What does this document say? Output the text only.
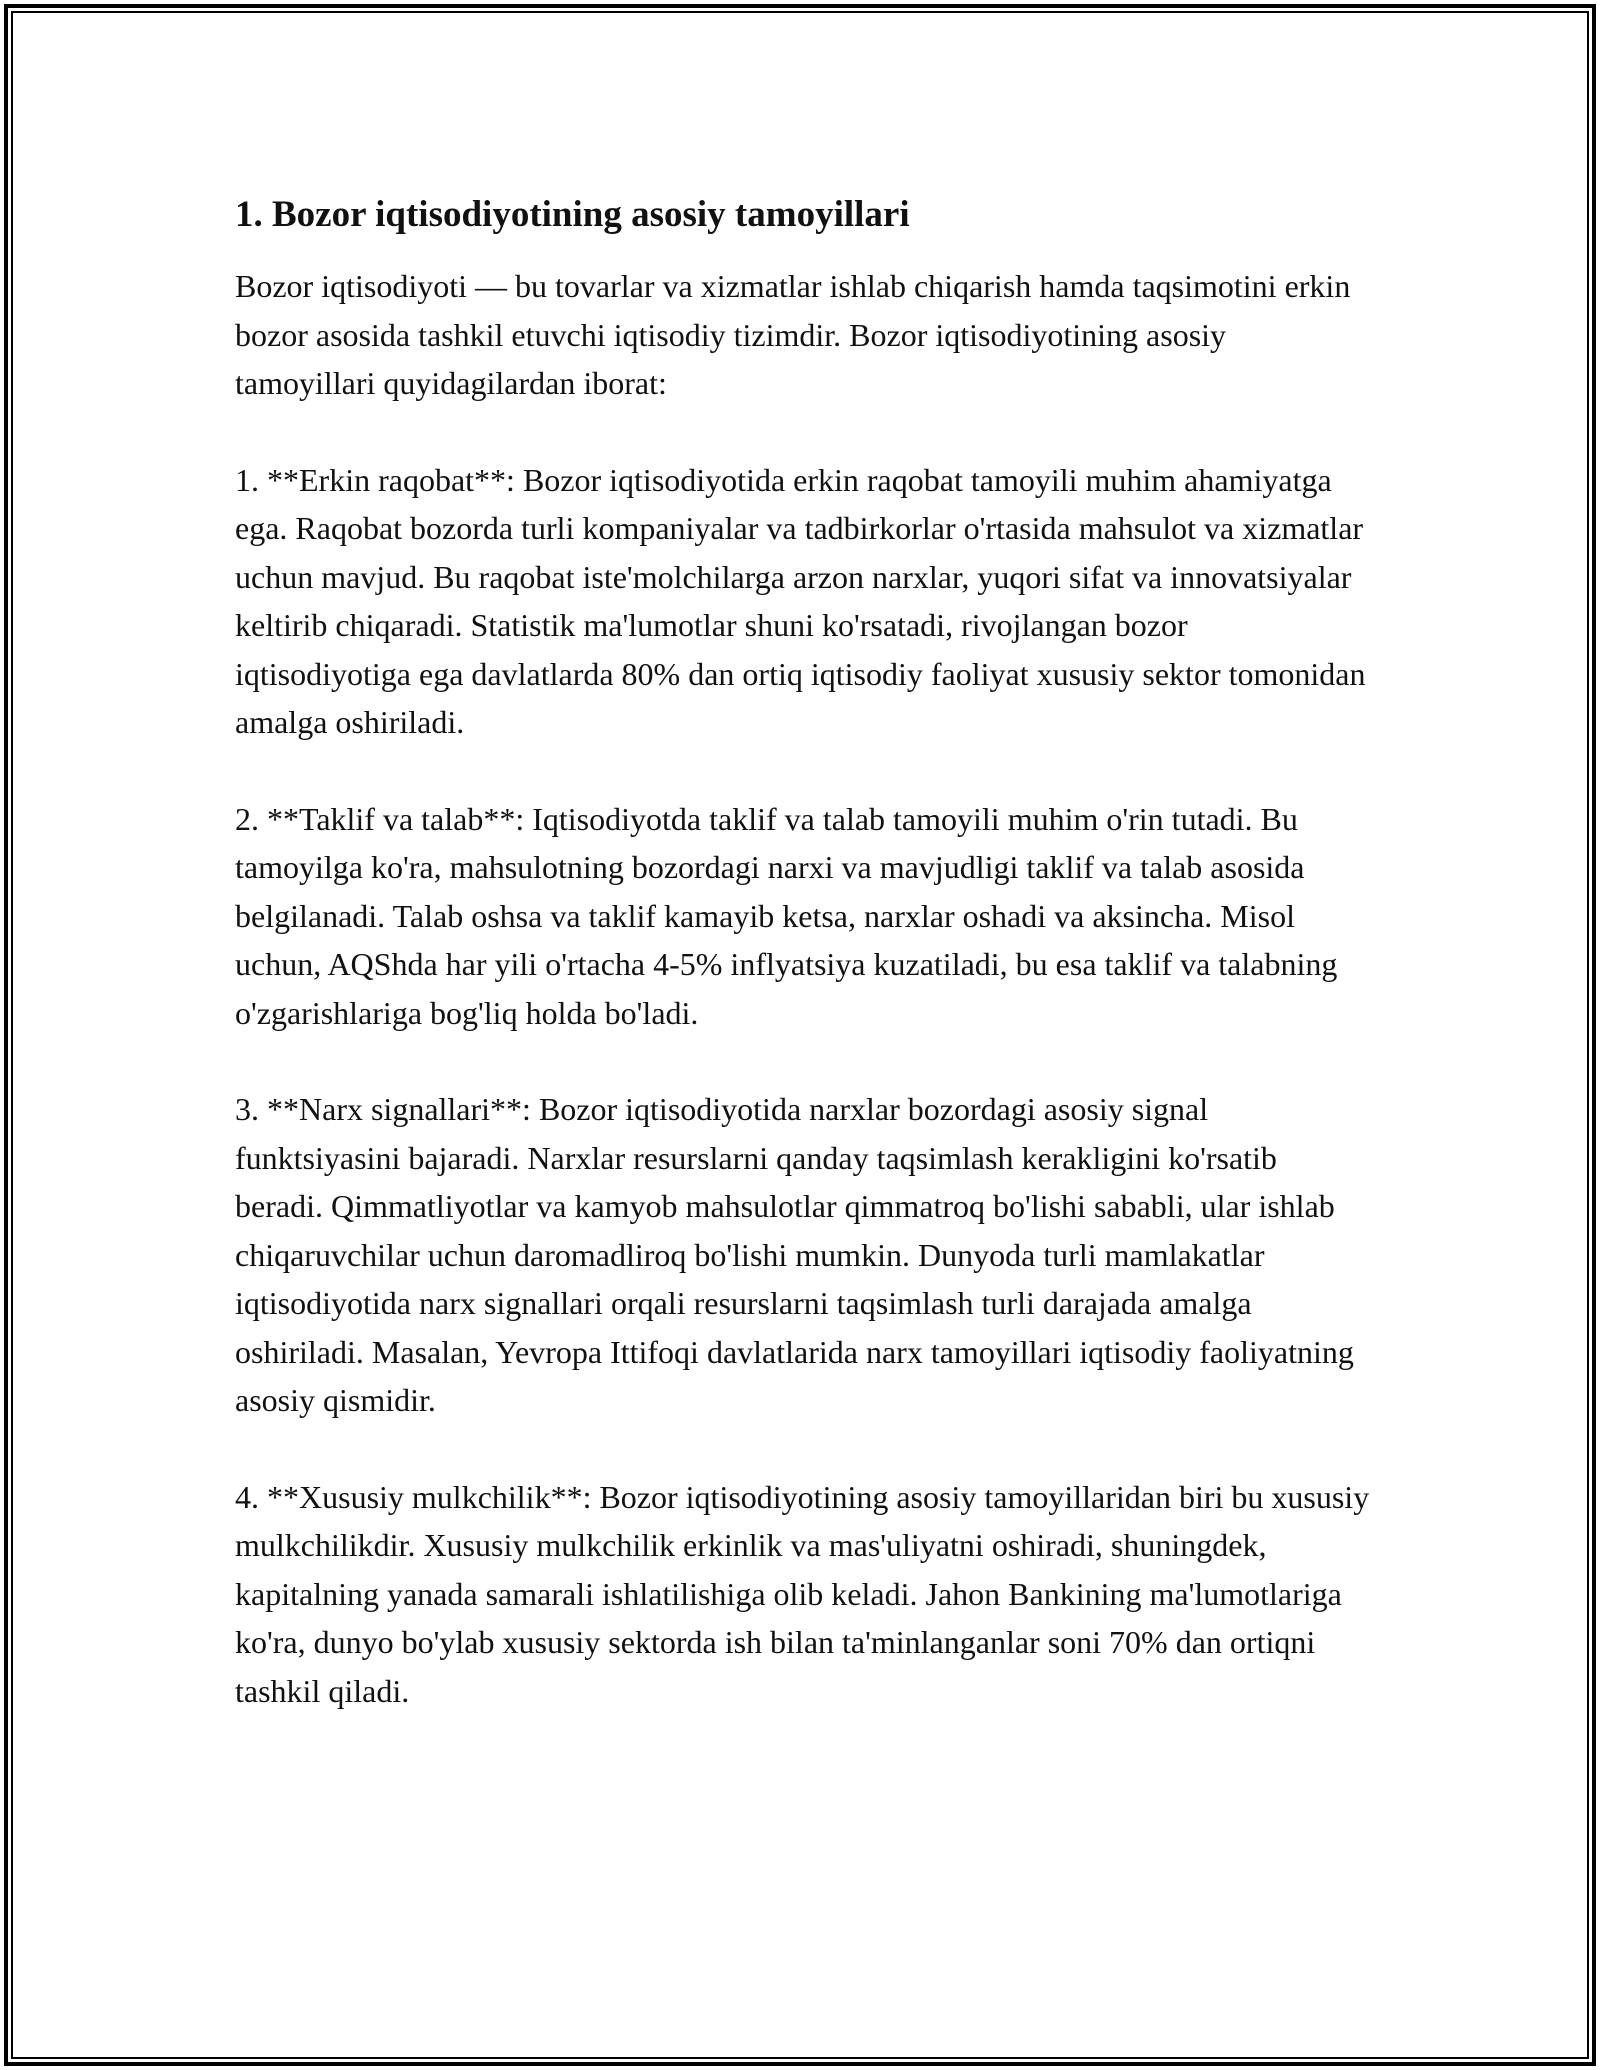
1. Bozor iqtisodiyotining asosiy tamoyillari

Bozor iqtisodiyoti — bu tovarlar va xizmatlar ishlab chiqarish hamda taqsimotini erkin bozor asosida tashkil etuvchi iqtisodiy tizimdir. Bozor iqtisodiyotining asosiy tamoyillari quyidagilardan iborat:

1. **Erkin raqobat**: Bozor iqtisodiyotida erkin raqobat tamoyili muhim ahamiyatga ega. Raqobat bozorda turli kompaniyalar va tadbirkorlar o'rtasida mahsulot va xizmatlar uchun mavjud. Bu raqobat iste'molchilarga arzon narxlar, yuqori sifat va innovatsiyalar keltirib chiqaradi. Statistik ma'lumotlar shuni ko'rsatadi, rivojlangan bozor iqtisodiyotiga ega davlatlarda 80% dan ortiq iqtisodiy faoliyat xususiy sektor tomonidan amalga oshiriladi.

2. **Taklif va talab**: Iqtisodiyotda taklif va talab tamoyili muhim o'rin tutadi. Bu tamoyilga ko'ra, mahsulotning bozordagi narxi va mavjudligi taklif va talab asosida belgilanadi. Talab oshsa va taklif kamayib ketsa, narxlar oshadi va aksincha. Misol uchun, AQShda har yili o'rtacha 4-5% inflyatsiya kuzatiladi, bu esa taklif va talabning o'zgarishlariga bog'liq holda bo'ladi.

3. **Narx signallari**: Bozor iqtisodiyotida narxlar bozordagi asosiy signal funktsiyasini bajaradi. Narxlar resurslarni qanday taqsimlash kerakligini ko'rsatib beradi. Qimmatliyotlar va kamyob mahsulotlar qimmatroq bo'lishi sababli, ular ishlab chiqaruvchilar uchun daromadliroq bo'lishi mumkin. Dunyoda turli mamlakatlar iqtisodiyotida narx signallari orqali resurslarni taqsimlash turli darajada amalga oshiriladi. Masalan, Yevropa Ittifoqi davlatlarida narx tamoyillari iqtisodiy faoliyatning asosiy qismidir.

4. **Xususiy mulkchilik**: Bozor iqtisodiyotining asosiy tamoyillaridan biri bu xususiy mulkchilikdir. Xususiy mulkchilik erkinlik va mas'uliyatni oshiradi, shuningdek, kapitalning yanada samarali ishlatilishiga olib keladi. Jahon Bankining ma'lumotlariga ko'ra, dunyo bo'ylab xususiy sektorda ish bilan ta'minlanganlar soni 70% dan ortiqni tashkil qiladi.
